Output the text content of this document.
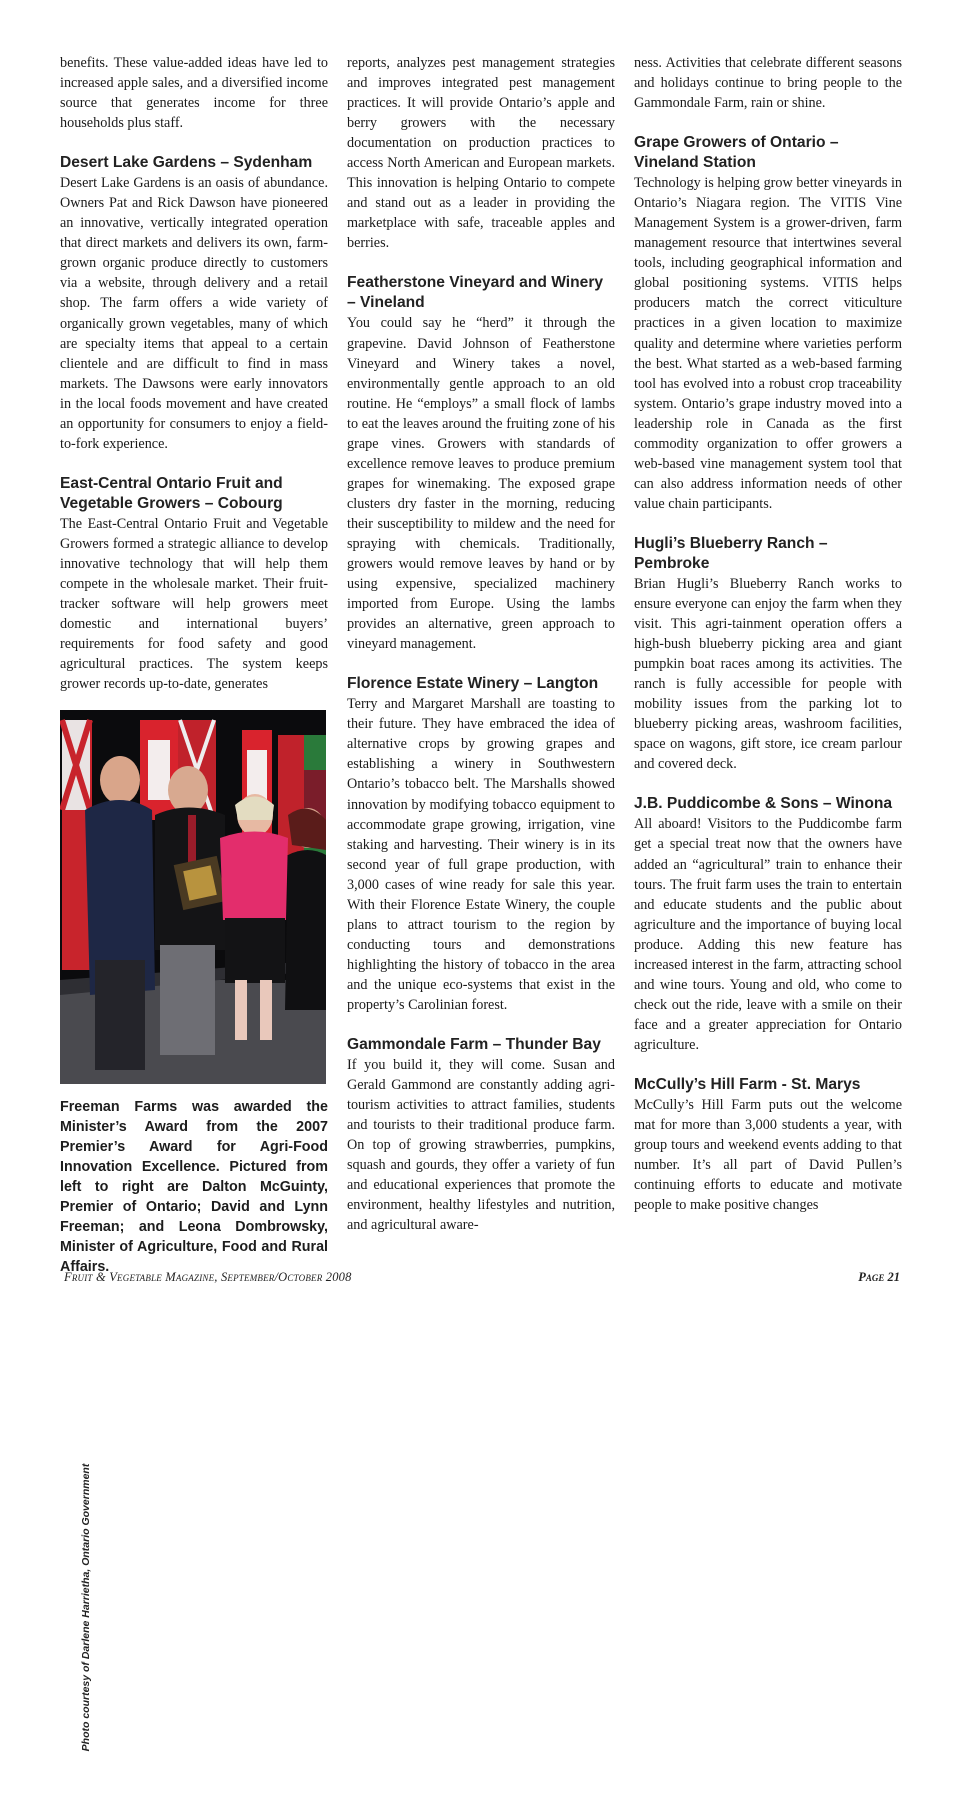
benefits. These value-added ideas have led to increased apple sales, and a diversified income source that generates income for three households plus staff.

Desert Lake Gardens – Sydenham

Desert Lake Gardens is an oasis of abundance. Owners Pat and Rick Dawson have pioneered an innovative, vertically integrated operation that direct markets and delivers its own, farm-grown organic produce directly to customers via a website, through delivery and a retail shop. The farm offers a wide variety of organically grown vegetables, many of which are specialty items that appeal to a certain clientele and are difficult to find in mass markets. The Dawsons were early innovators in the local foods movement and have created an opportunity for consumers to enjoy a field-to-fork experience.

East-Central Ontario Fruit and Vegetable Growers – Cobourg

The East-Central Ontario Fruit and Vegetable Growers formed a strategic alliance to develop innovative technology that will help them compete in the wholesale market. Their fruit-tracker software will help growers meet domestic and international buyers’ requirements for food safety and good agricultural practices. The system keeps grower records up-to-date, generates

Photo courtesy of Darlene Harrietha, Ontario Government
Freeman Farms was awarded the Minister’s Award from the 2007 Premier’s Award for Agri-Food Innovation Excellence. Pictured from left to right are Dalton McGuinty, Premier of Ontario; David and Lynn Freeman; and Leona Dombrowsky, Minister of Agriculture, Food and Rural Affairs.

reports, analyzes pest management strategies and improves integrated pest management practices. It will provide Ontario’s apple and berry growers with the necessary documentation on production practices to access North American and European markets. This innovation is helping Ontario to compete and stand out as a leader in providing the marketplace with safe, traceable apples and berries.

Featherstone Vineyard and Winery – Vineland

You could say he “herd” it through the grapevine. David Johnson of Featherstone Vineyard and Winery takes a novel, environmentally gentle approach to an old routine. He “employs” a small flock of lambs to eat the leaves around the fruiting zone of his grape vines. Growers with standards of excellence remove leaves to produce premium grapes for winemaking. The exposed grape clusters dry faster in the morning, reducing their susceptibility to mildew and the need for spraying with chemicals. Traditionally, growers would remove leaves by hand or by using expensive, specialized machinery imported from Europe. Using the lambs provides an alternative, green approach to vineyard management.

Florence Estate Winery – Langton

Terry and Margaret Marshall are toasting to their future. They have embraced the idea of alternative crops by growing grapes and establishing a winery in Southwestern Ontario’s tobacco belt. The Marshalls showed innovation by modifying tobacco equipment to accommodate grape growing, irrigation, vine staking and harvesting. Their winery is in its second year of full grape production, with 3,000 cases of wine ready for sale this year. With their Florence Estate Winery, the couple plans to attract tourism to the region by conducting tours and demonstrations highlighting the history of tobacco in the area and the unique eco-systems that exist in the property’s Carolinian forest.

Gammondale Farm – Thunder Bay

If you build it, they will come. Susan and Gerald Gammond are constantly adding agri-tourism activities to attract families, students and tourists to their traditional produce farm. On top of growing strawberries, pumpkins, squash and gourds, they offer a variety of fun and educational experiences that promote the environment, healthy lifestyles and nutrition, and agricultural aware-

ness. Activities that celebrate different seasons and holidays continue to bring people to the Gammondale Farm, rain or shine.

Grape Growers of Ontario – Vineland Station

Technology is helping grow better vineyards in Ontario’s Niagara region. The VITIS Vine Management System is a grower-driven, farm management resource that intertwines several tools, including geographical information and global positioning systems. VITIS helps producers match the correct viticulture practices in a given location to maximize quality and determine where varieties perform the best. What started as a web-based farming tool has evolved into a robust crop traceability system. Ontario’s grape industry moved into a leadership role in Canada as the first commodity organization to offer growers a web-based vine management system tool that can also address information needs of other value chain participants.

Hugli’s Blueberry Ranch – Pembroke

Brian Hugli’s Blueberry Ranch works to ensure everyone can enjoy the farm when they visit. This agri-tainment operation offers a high-bush blueberry picking area and giant pumpkin boat races among its activities. The ranch is fully accessible for people with mobility issues from the parking lot to blueberry picking areas, washroom facilities, space on wagons, gift store, ice cream parlour and covered deck.

J.B. Puddicombe & Sons – Winona

All aboard! Visitors to the Puddicombe farm get a special treat now that the owners have added an “agricultural” train to enhance their tours. The fruit farm uses the train to entertain and educate students and the public about agriculture and the importance of buying local produce. Adding this new feature has increased interest in the farm, attracting school and wine tours. Young and old, who come to check out the ride, leave with a smile on their face and a greater appreciation for Ontario agriculture.

McCully’s Hill Farm - St. Marys

McCully’s Hill Farm puts out the welcome mat for more than 3,000 students a year, with group tours and weekend events adding to that number. It’s all part of David Pullen’s continuing efforts to educate and motivate people to make positive changes

Fruit & Vegetable Magazine, September/October 2008	Page 21
